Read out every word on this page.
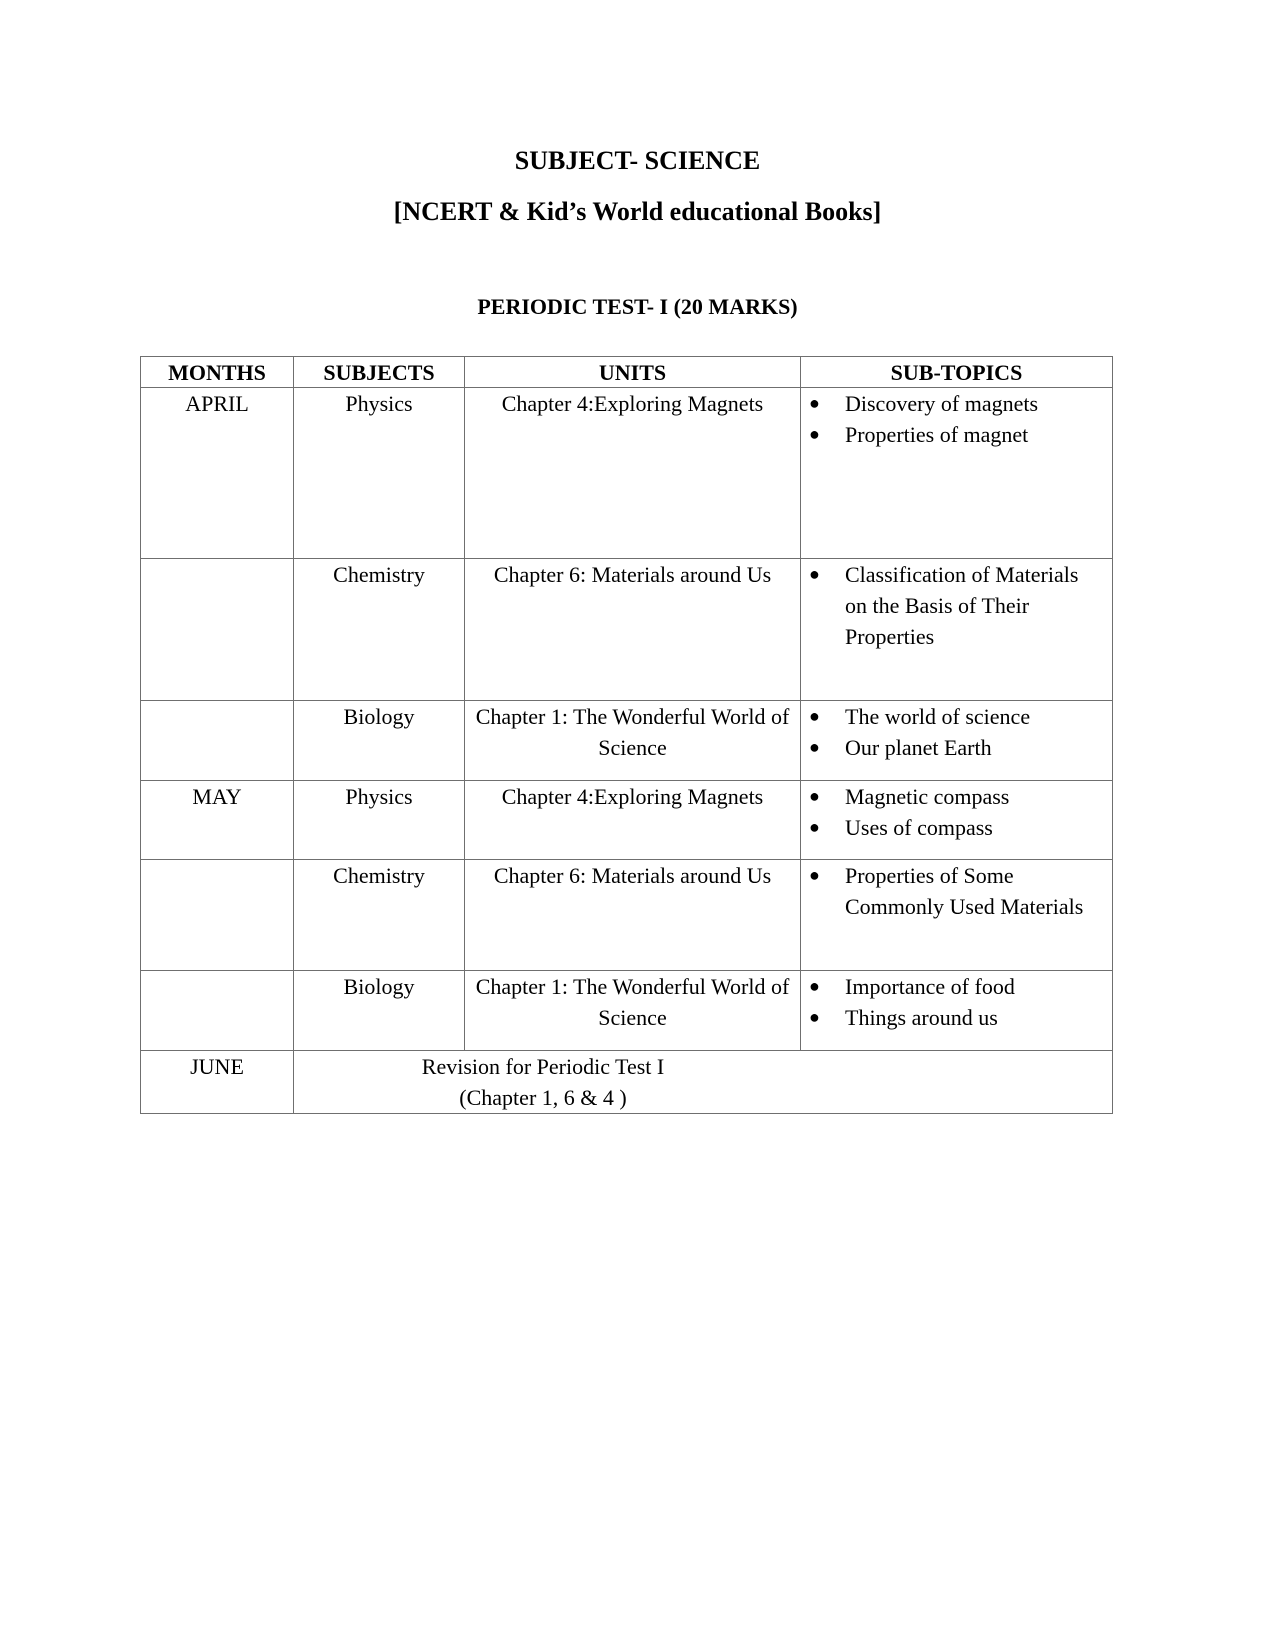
SUBJECT- SCIENCE
[NCERT & Kid’s World educational Books]
PERIODIC TEST- I (20 MARKS)
MONTHS	SUBJECTS	UNITS	SUB-TOPICS
APRIL	Physics	Chapter 4:Exploring Magnets	●	Discovery of magnets
●	Properties of magnet

	Chemistry	Chapter 6: Materials around Us	●	Classification of Materials on the Basis of Their Properties

	Biology	Chapter 1: The Wonderful World of Science	
●	The world of science
●	Our planet Earth

MAY	Physics	Chapter 4:Exploring Magnets	●	Magnetic compass
●	Uses of compass

	Chemistry	Chapter 6: Materials around Us	●	Properties of Some Commonly Used Materials

	Biology	Chapter 1: The Wonderful World of Science	
●	Importance of food
●	Things around us

JUNE	Revision for Periodic Test I
(Chapter 1, 6 & 4 )		
